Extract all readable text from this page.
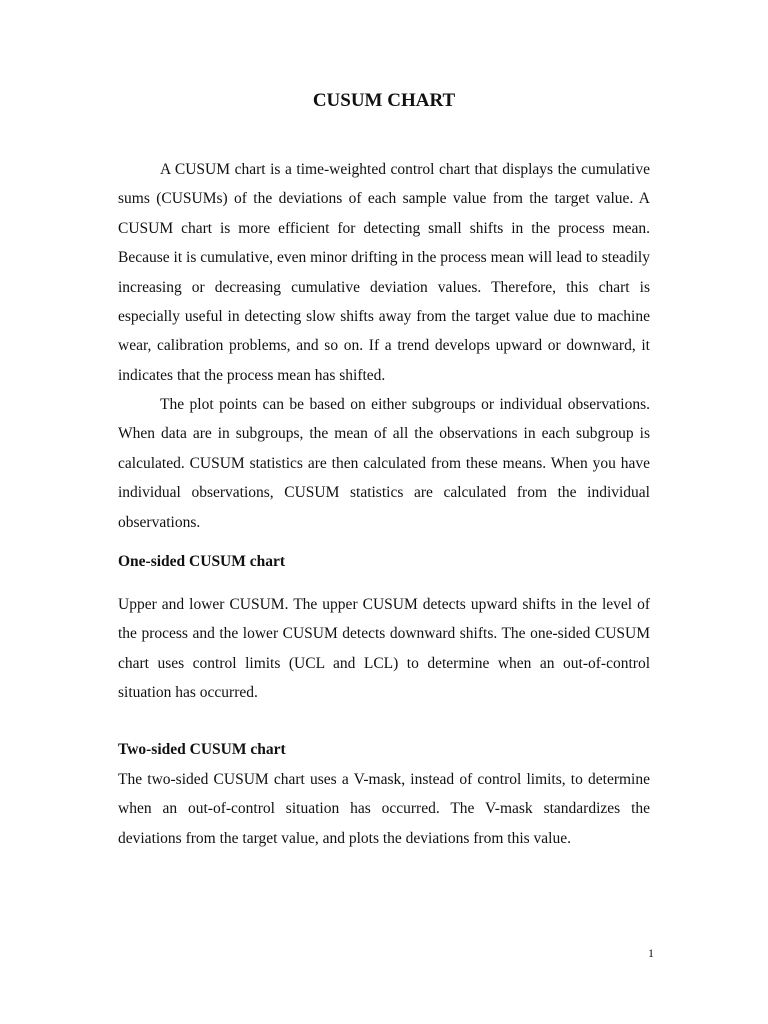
CUSUM CHART

A CUSUM chart is a time-weighted control chart that displays the cumulative sums (CUSUMs) of the deviations of each sample value from the target value. A CUSUM chart is more efficient for detecting small shifts in the process mean. Because it is cumulative, even minor drifting in the process mean will lead to steadily increasing or decreasing cumulative deviation values. Therefore, this chart is especially useful in detecting slow shifts away from the target value due to machine wear, calibration problems, and so on. If a trend develops upward or downward, it indicates that the process mean has shifted.

The plot points can be based on either subgroups or individual observations. When data are in subgroups, the mean of all the observations in each subgroup is calculated. CUSUM statistics are then calculated from these means. When you have individual observations, CUSUM statistics are calculated from the individual observations.

One-sided CUSUM chart

Upper and lower CUSUM. The upper CUSUM detects upward shifts in the level of the process and the lower CUSUM detects downward shifts. The one-sided CUSUM chart uses control limits (UCL and LCL) to determine when an out-of-control situation has occurred.

Two-sided CUSUM chart

The two-sided CUSUM chart uses a V-mask, instead of control limits, to determine when an out-of-control situation has occurred. The V-mask standardizes the deviations from the target value, and plots the deviations from this value.

1
